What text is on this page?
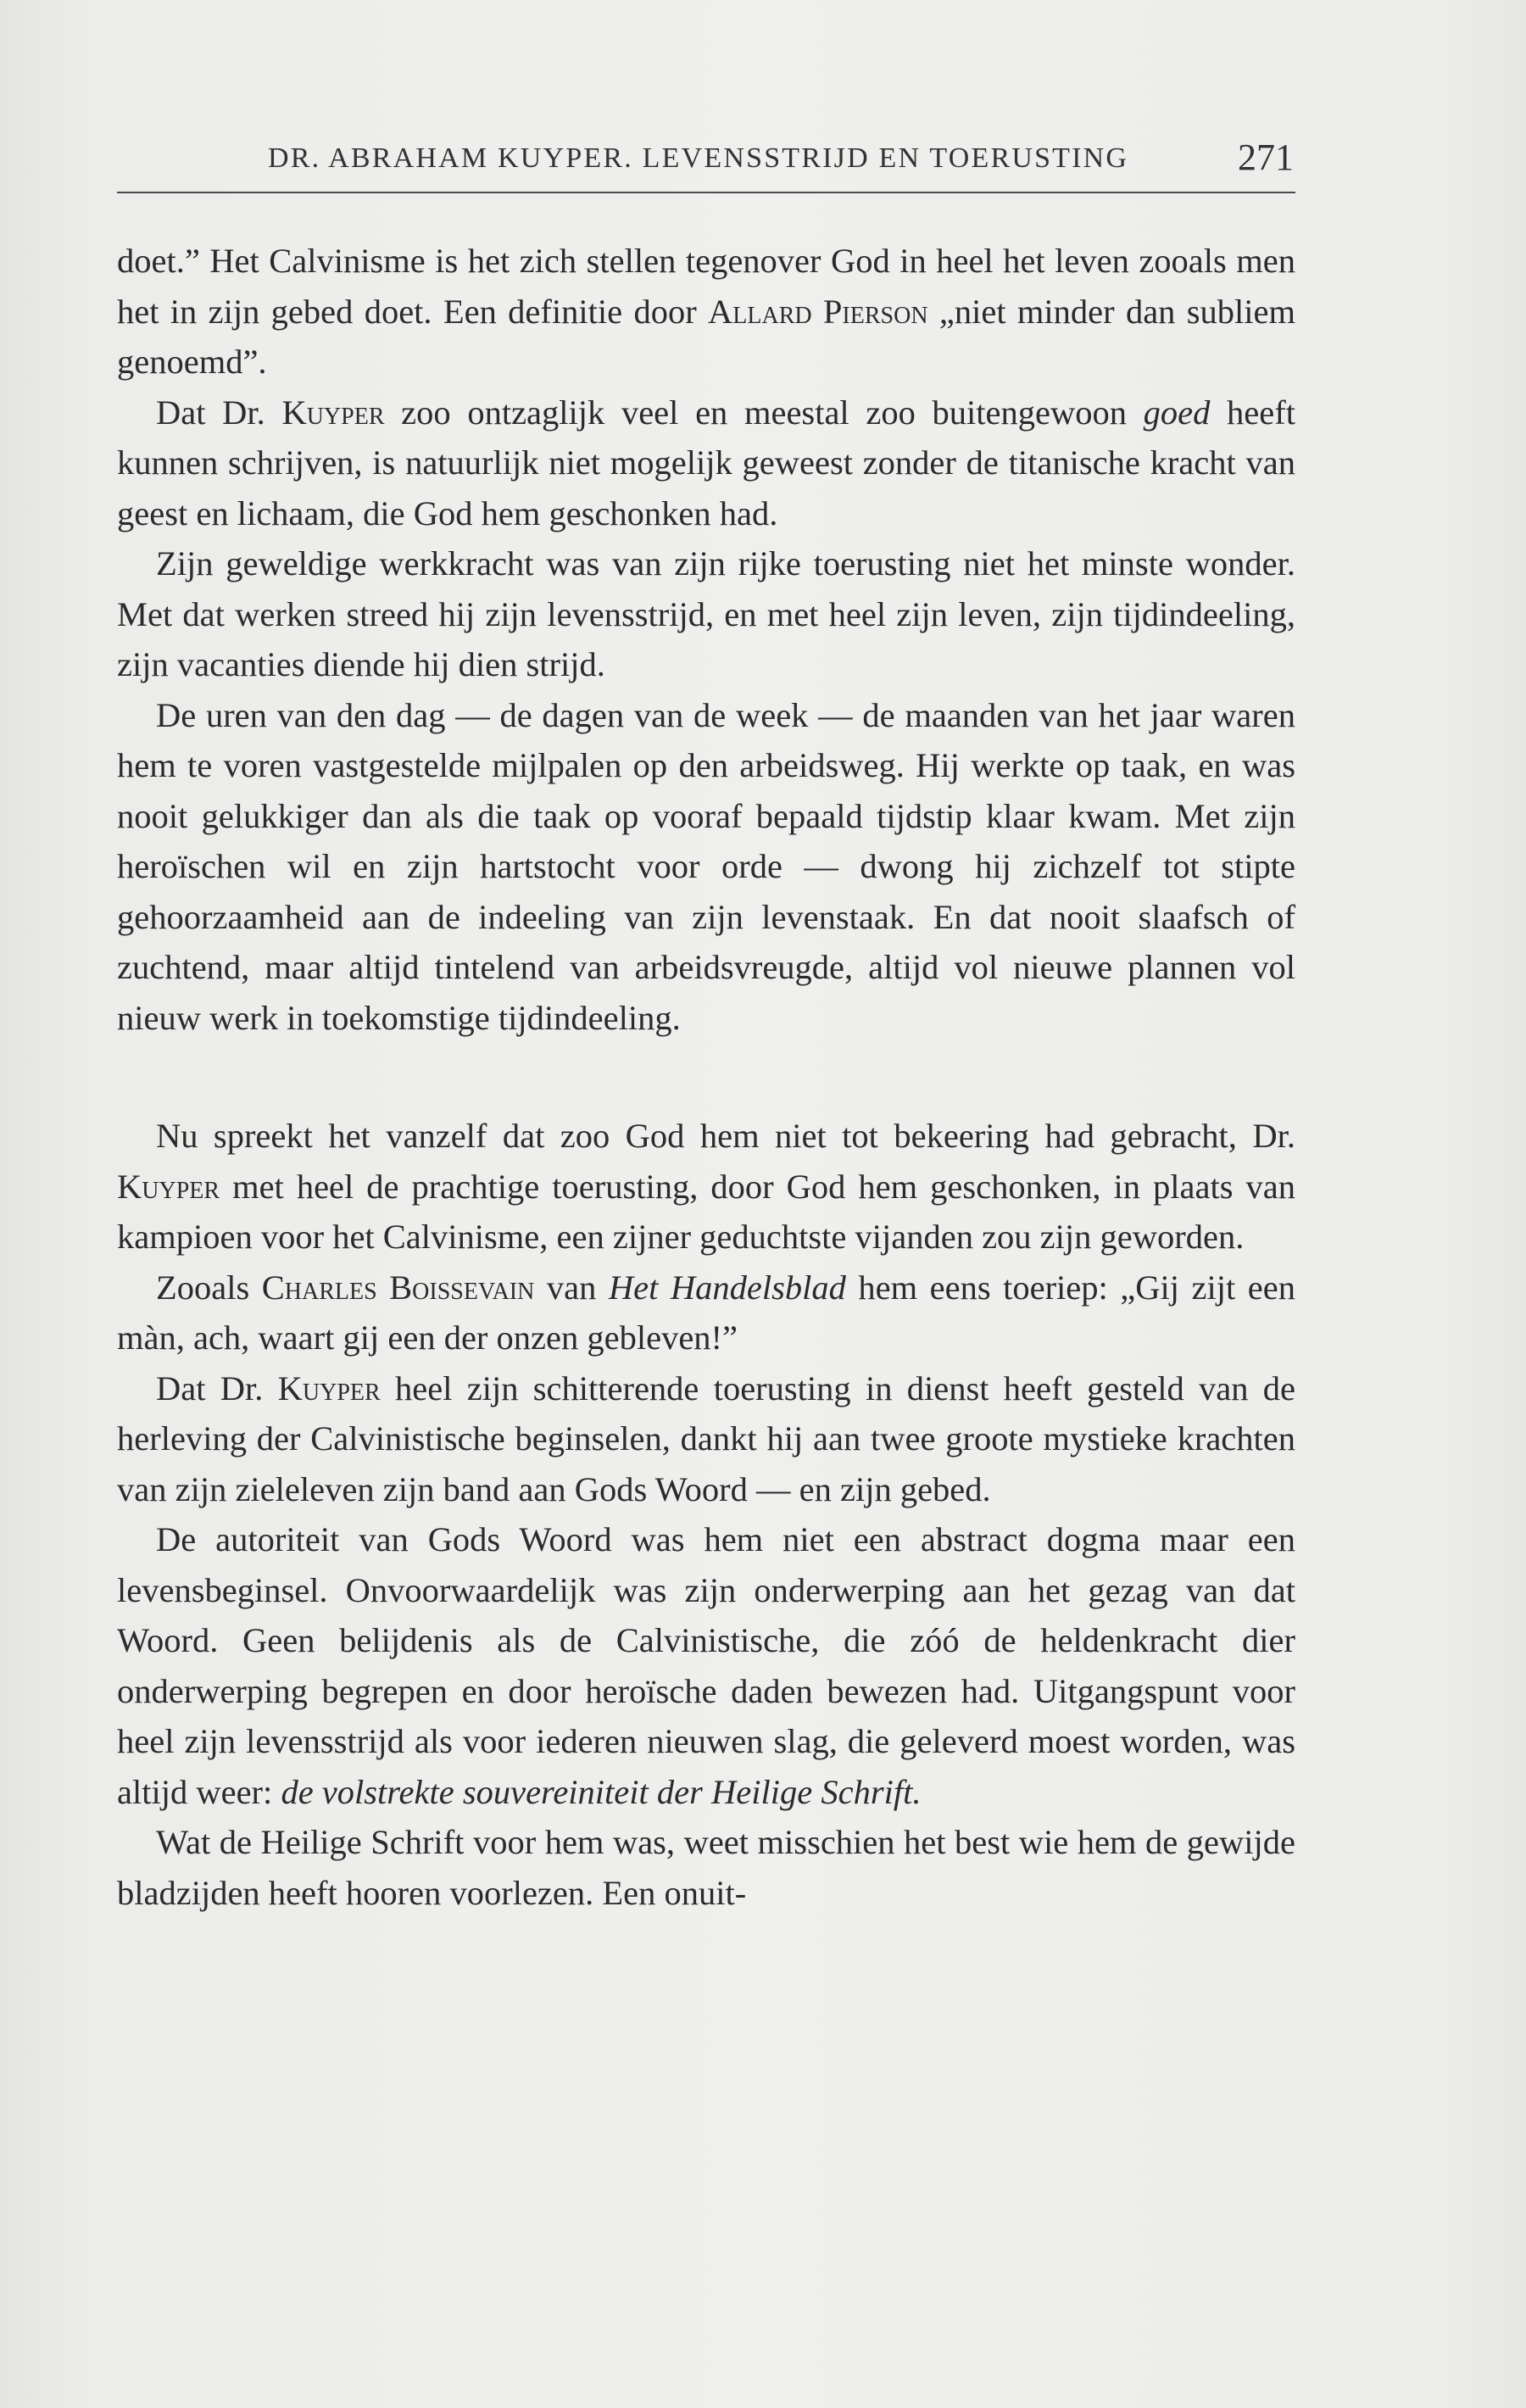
DR. ABRAHAM KUYPER. LEVENSSTRIJD EN TOERUSTING	271

doet.” Het Calvinisme is het zich stellen tegenover God in heel het leven zooals men het in zijn gebed doet. Een definitie door Allard Pierson „niet minder dan subliem genoemd”.

Dat Dr. Kuyper zoo ontzaglijk veel en meestal zoo buitengewoon goed heeft kunnen schrijven, is natuurlijk niet mogelijk geweest zonder de titanische kracht van geest en lichaam, die God hem geschonken had.

Zijn geweldige werkkracht was van zijn rijke toerusting niet het minste wonder. Met dat werken streed hij zijn levensstrijd, en met heel zijn leven, zijn tijdindeeling, zijn vacanties diende hij dien strijd.

De uren van den dag — de dagen van de week — de maanden van het jaar waren hem te voren vastgestelde mijlpalen op den arbeidsweg. Hij werkte op taak, en was nooit gelukkiger dan als die taak op vooraf bepaald tijdstip klaar kwam. Met zijn heroïschen wil en zijn hartstocht voor orde — dwong hij zichzelf tot stipte gehoorzaamheid aan de indeeling van zijn levenstaak. En dat nooit slaafsch of zuchtend, maar altijd tintelend van arbeidsvreugde, altijd vol nieuwe plannen vol nieuw werk in toekomstige tijdindeeling.

Nu spreekt het vanzelf dat zoo God hem niet tot bekeering had gebracht, Dr. Kuyper met heel de prachtige toerusting, door God hem geschonken, in plaats van kampioen voor het Calvinisme, een zijner geduchtste vijanden zou zijn geworden.

Zooals Charles Boissevain van Het Handelsblad hem eens toeriep: „Gij zijt een màn, ach, waart gij een der onzen gebleven!”

Dat Dr. Kuyper heel zijn schitterende toerusting in dienst heeft gesteld van de herleving der Calvinistische beginselen, dankt hij aan twee groote mystieke krachten van zijn zieleleven zijn band aan Gods Woord — en zijn gebed.

De autoriteit van Gods Woord was hem niet een abstract dogma maar een levensbeginsel. Onvoorwaardelijk was zijn onderwerping aan het gezag van dat Woord. Geen belijdenis als de Calvinistische, die zóó de heldenkracht dier onderwerping begrepen en door heroïsche daden bewezen had. Uitgangspunt voor heel zijn levensstrijd als voor iederen nieuwen slag, die geleverd moest worden, was altijd weer: de volstrekte souvereiniteit der Heilige Schrift.

Wat de Heilige Schrift voor hem was, weet misschien het best wie hem de gewijde bladzijden heeft hooren voorlezen. Een onuit-
